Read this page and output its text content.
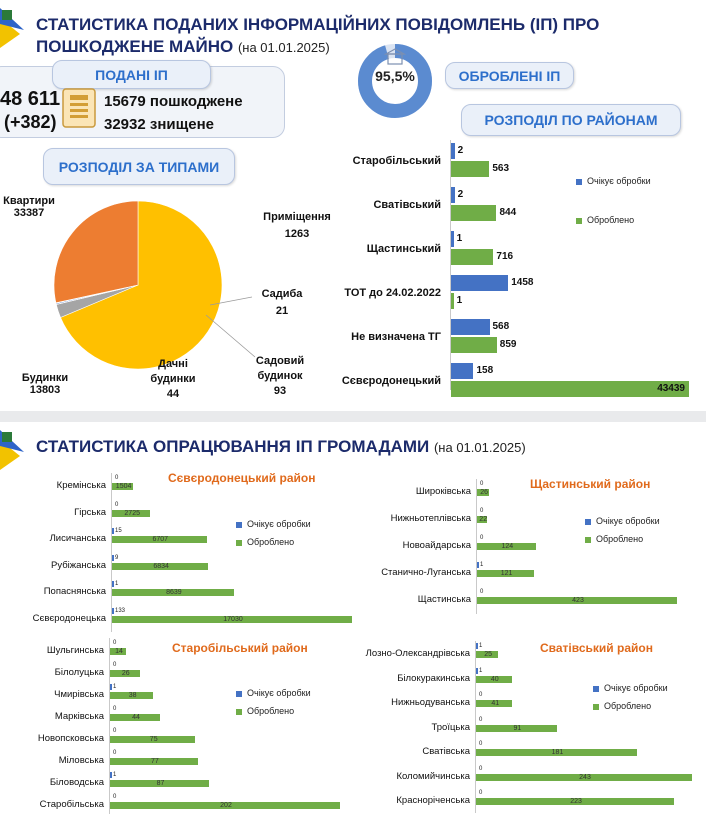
СТАТИСТИКА ПОДАНИХ ІНФОРМАЦІЙНИХ ПОВІДОМЛЕНЬ (ІП) ПРО
ПОШКОДЖЕНЕ МАЙНО (на 01.01.2025)
ПОДАНІ ІП
48 611
(+382)
15679 пошкоджене
32932 знищене
95,5%	ОБРОБЛЕНІ ІП
РОЗПОДІЛ ЗА ТИПАМИ
Квартири
33387	Приміщення
1263
Садиба
21
Садовий будинок
93
Дачні будинки
44
Будинки
13803
РОЗПОДІЛ ПО РАЙОНАМ
Очікує обробки
Оброблено
Старобільський
2
563
Сватівський
2
844
Щастинський
1
716
ТОТ до 24.02.2022
1458
1
Не визначена ТГ
568
859
Сєвєродонецький
158
43439
СТАТИСТИКА ОПРАЦЮВАННЯ ІП ГРОМАДАМИ (на 01.01.2025)
Сєвєродонецький район
Очікує обробки
Оброблено
Кремінська
0
1504
Гірська
0
2725
Лисичанська
15
6707
Рубіжанська
9
6834
Попаснянська
1
8639
Сєвєродонецька
133
17030
Щастинський район
Очікує обробки
Оброблено
Широківська
0
26
Нижньотеплівська
0
22
Новоайдарська
0
124
Станично-Луганська
1
121
Щастинська
0
423
Старобільський район
Очікує обробки
Оброблено
Шульгинська
0
14
Білолуцька
0
26
Чмирівська
1
38
Марківська
0
44
Новопсковська
0
75
Міловська
0
77
Біловодська
1
87
Старобільська
0
202
Сватівський район
Очікує обробки
Оброблено
Лозно-Олександрівська
1
25
Білокуракинська
1
40
Нижньодуванська
0
41
Троїцька
0
91
Сватівська
0
181
Коломийчинська
0
243
Красноріченська
0
223
